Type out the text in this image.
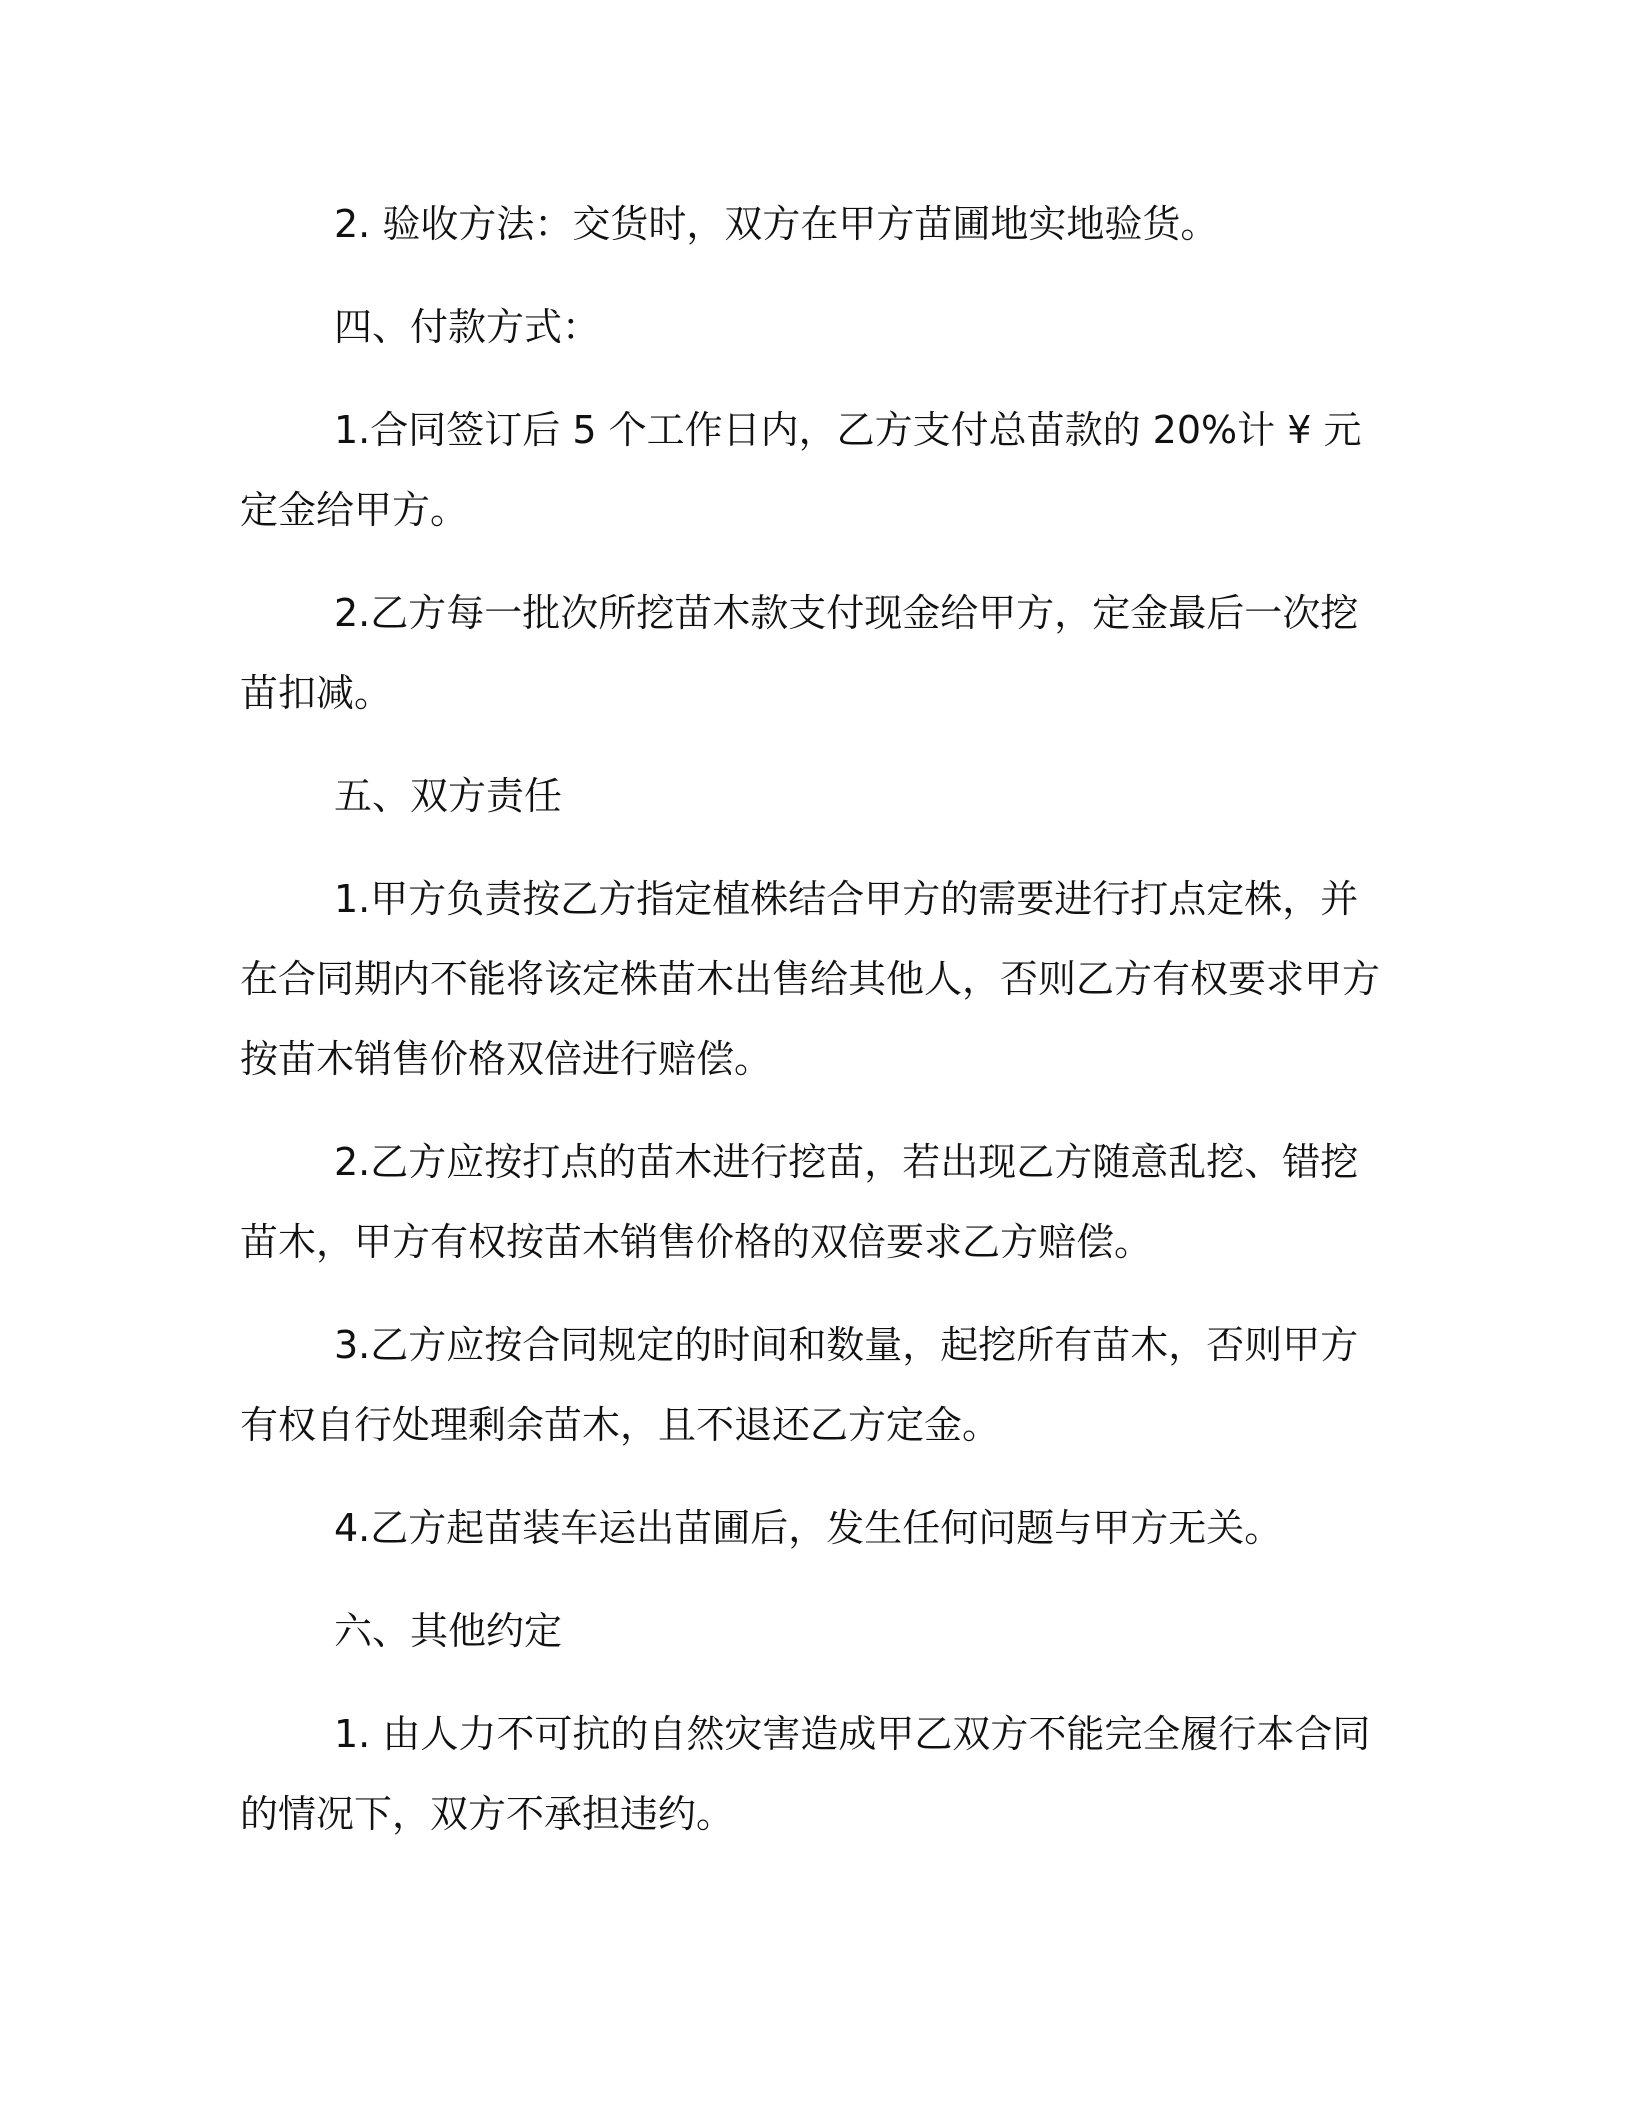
2. 验收方法：交货时，双方在甲方苗圃地实地验货。

四、付款方式：

1.合同签订后 5 个工作日内，乙方支付总苗款的 20%计 ¥ 元定金给甲方。

2.乙方每一批次所挖苗木款支付现金给甲方，定金最后一次挖苗扣减。

五、双方责任

1.甲方负责按乙方指定植株结合甲方的需要进行打点定株，并在合同期内不能将该定株苗木出售给其他人，否则乙方有权要求甲方按苗木销售价格双倍进行赔偿。

2.乙方应按打点的苗木进行挖苗，若出现乙方随意乱挖、错挖苗木，甲方有权按苗木销售价格的双倍要求乙方赔偿。

3.乙方应按合同规定的时间和数量，起挖所有苗木，否则甲方有权自行处理剩余苗木，且不退还乙方定金。

4.乙方起苗装车运出苗圃后，发生任何问题与甲方无关。

六、其他约定

1. 由人力不可抗的自然灾害造成甲乙双方不能完全履行本合同的情况下，双方不承担违约。
